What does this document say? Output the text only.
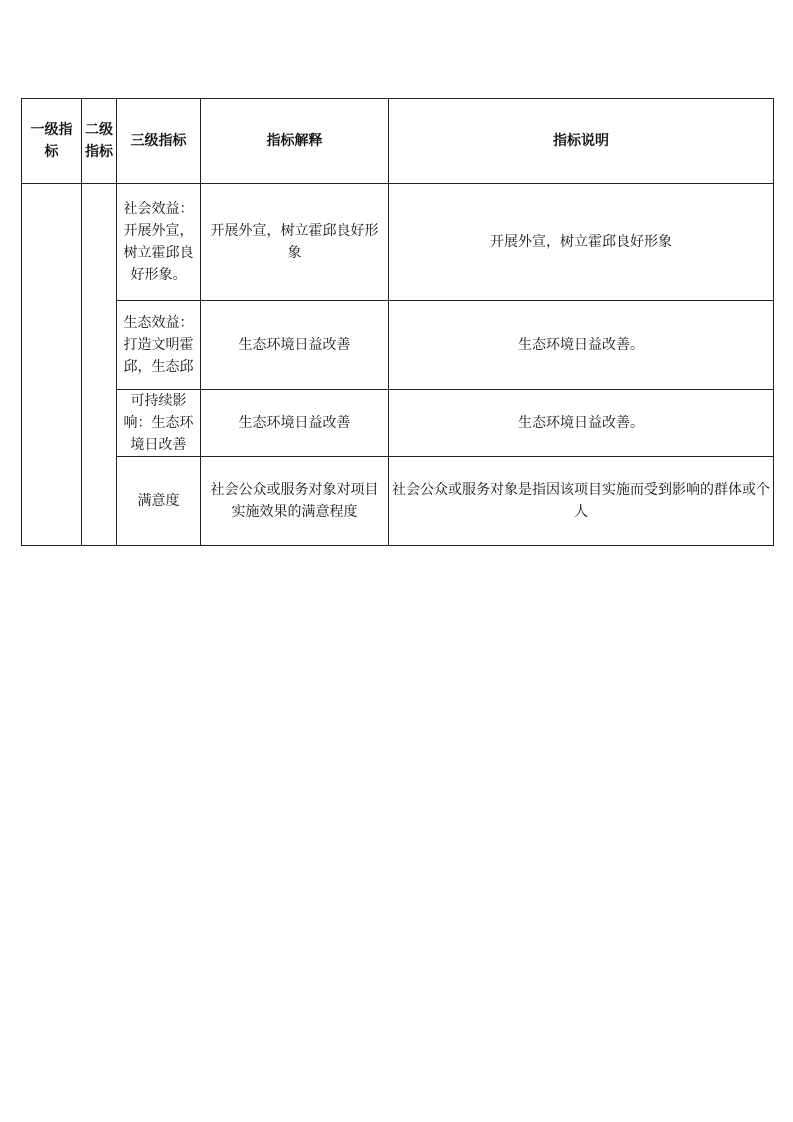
一级指标	二级指标	三级指标	指标解释	指标说明
		社会效益：开展外宣，树立霍邱良好形象。	开展外宣，树立霍邱良好形象	开展外宣，树立霍邱良好形象
		生态效益：打造文明霍邱，生态邱	生态环境日益改善	生态环境日益改善。
		可持续影响：生态环境日改善	生态环境日益改善	生态环境日益改善。
		满意度	社会公众或服务对象对项目实施效果的满意程度	社会公众或服务对象是指因该项目实施而受到影响的群体或个人
